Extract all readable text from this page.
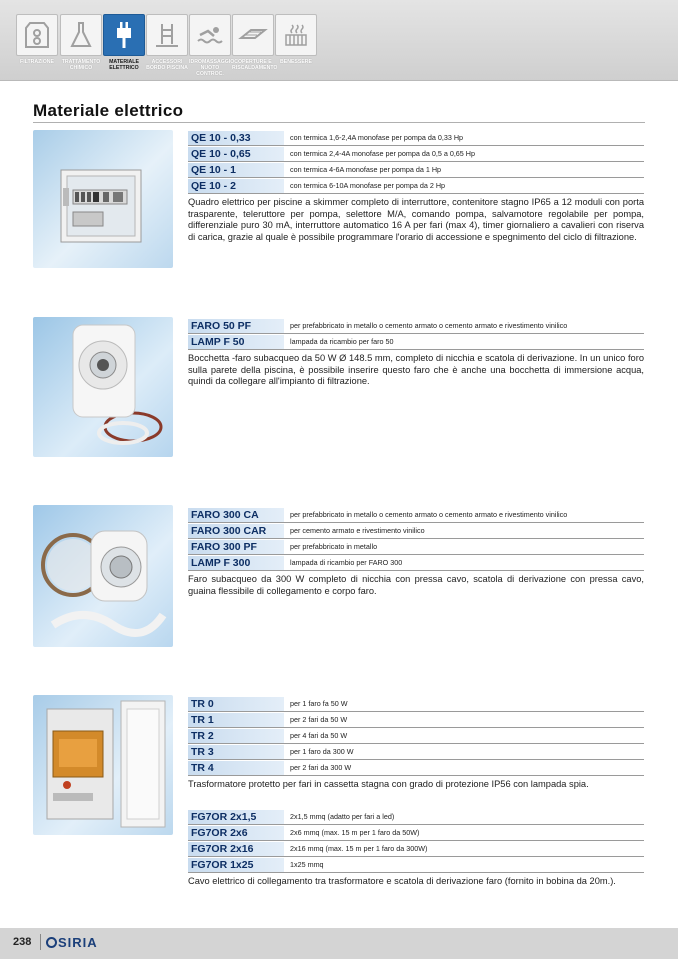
FILTRAZIONE	TRATTAMENTO
CHIMICO
MATERIALE
ELETTRICO
ACCESSORI
BORDO PISCINA
IDROMASSAGGIO
NUOTO CONTROC.
COPERTURE E
RISCALDAMENTO
BENESSERE
Materiale elettrico
QE 10 - 0,33	con termica 1,6-2,4A monofase per pompa da 0,33 Hp
QE 10 - 0,65	con termica 2,4-4A monofase per pompa da 0,5 a 0,65 Hp
QE 10 - 1	con termica 4-6A monofase per pompa da 1 Hp
QE 10 - 2	con termica 6-10A monofase per pompa da 2 Hp
Quadro elettrico per piscine a skimmer completo di interruttore, contenitore stagno IP65 a 12 moduli con porta trasparente, teleruttore per pompa, selettore M/A, comando pompa, salvamotore regolabile per pompa, differenziale puro 30 mA, interruttore automatico 16 A per fari (max 4), timer giornaliero a cavalieri con riserva di carica, grazie al quale è possibile programmare l'orario di accessione e spegnimento del ciclo di filtrazione.
FARO 50 PF	per prefabbricato in metallo o cemento armato o cemento armato e rivestimento vinilico
LAMP F 50	lampada da ricambio per faro 50
Bocchetta -faro subacqueo da 50 W Ø 148.5 mm, completo di nicchia e scatola di derivazione. In un unico foro sulla parete della piscina, è possibile inserire questo faro che è anche una bocchetta di immersione acqua, quindi da collegare all'impianto di filtrazione.
FARO 300 CA	per prefabbricato in metallo o cemento armato o cemento armato e rivestimento vinilico
FARO 300 CAR	per cemento armato e rivestimento vinilico
FARO 300 PF	per prefabbricato in metallo
LAMP F 300	lampada di ricambio per FARO 300
Faro subacqueo da 300 W completo di nicchia con pressa cavo, scatola di derivazione con pressa cavo, guaina flessibile di collegamento e corpo faro.
TR 0	per 1 faro fa 50 W
TR 1	per 2 fari da 50 W
TR 2	per 4 fari da 50 W
TR 3	per 1 faro da 300 W
TR 4	per 2 fari da 300 W
Trasformatore protetto per fari in cassetta stagna con grado di protezione IP56 con lampada spia.
FG7OR 2x1,5	2x1,5 mmq (adatto per fari a led)
FG7OR 2x6	2x6 mmq (max. 15 m per 1 faro da 50W)
FG7OR 2x16	2x16 mmq (max. 15 m per 1 faro da 300W)
FG7OR 1x25	1x25 mmq
Cavo elettrico di collegamento tra trasformatore e scatola di derivazione faro (fornito in bobina da 20m.).
238	SIRIA
